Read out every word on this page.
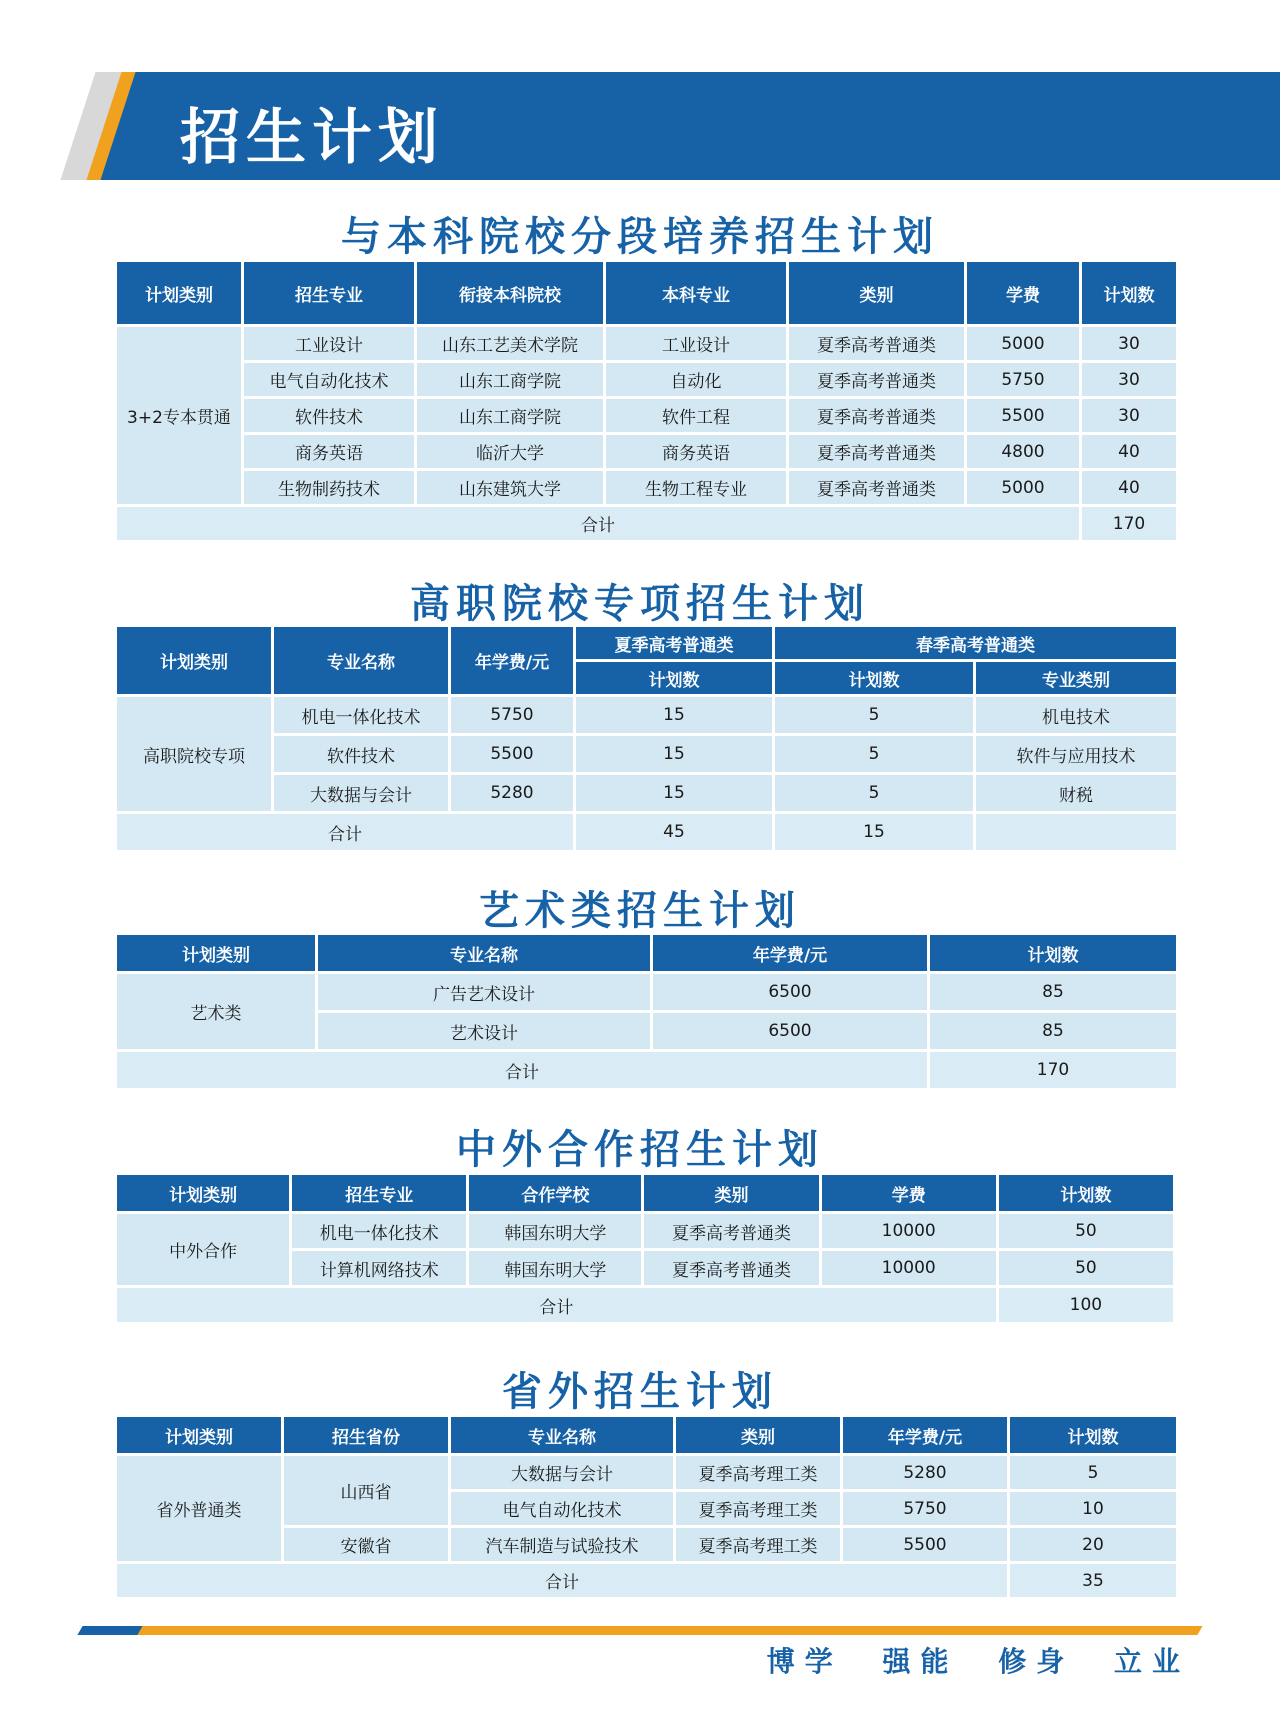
招生计划
与本科院校分段培养招生计划
计划类别	招生专业	衔接本科院校	本科专业	类别	学费	计划数
3+2专本贯通	工业设计	山东工艺美术学院	工业设计	夏季高考普通类	5000	30
	电气自动化技术	山东工商学院	自动化	夏季高考普通类	5750	30
	软件技术	山东工商学院	软件工程	夏季高考普通类	5500	30
	商务英语	临沂大学	商务英语	夏季高考普通类	4800	40
	生物制药技术	山东建筑大学	生物工程专业	夏季高考普通类	5000	40
合计						170
高职院校专项招生计划
计划类别	专业名称	年学费/元	夏季高考普通类	春季高考普通类	
			计划数	计划数	专业类别
高职院校专项	机电一体化技术	5750	15	5	机电技术
	软件技术	5500	15	5	软件与应用技术
	大数据与会计	5280	15	5	财税
合计			45	15	
艺术类招生计划
计划类别	专业名称	年学费/元	计划数
艺术类	广告艺术设计	6500	85
	艺术设计	6500	85
合计			170
中外合作招生计划
计划类别	招生专业	合作学校	类别	学费	计划数
中外合作	机电一体化技术	韩国东明大学	夏季高考普通类	10000	50
	计算机网络技术	韩国东明大学	夏季高考普通类	10000	50
合计					100
省外招生计划
计划类别	招生省份	专业名称	类别	年学费/元	计划数
省外普通类	山西省	大数据与会计	夏季高考理工类	5280	5
		电气自动化技术	夏季高考理工类	5750	10
	安徽省	汽车制造与试验技术	夏季高考理工类	5500	20
合计					35

博学 强能 修身 立业
